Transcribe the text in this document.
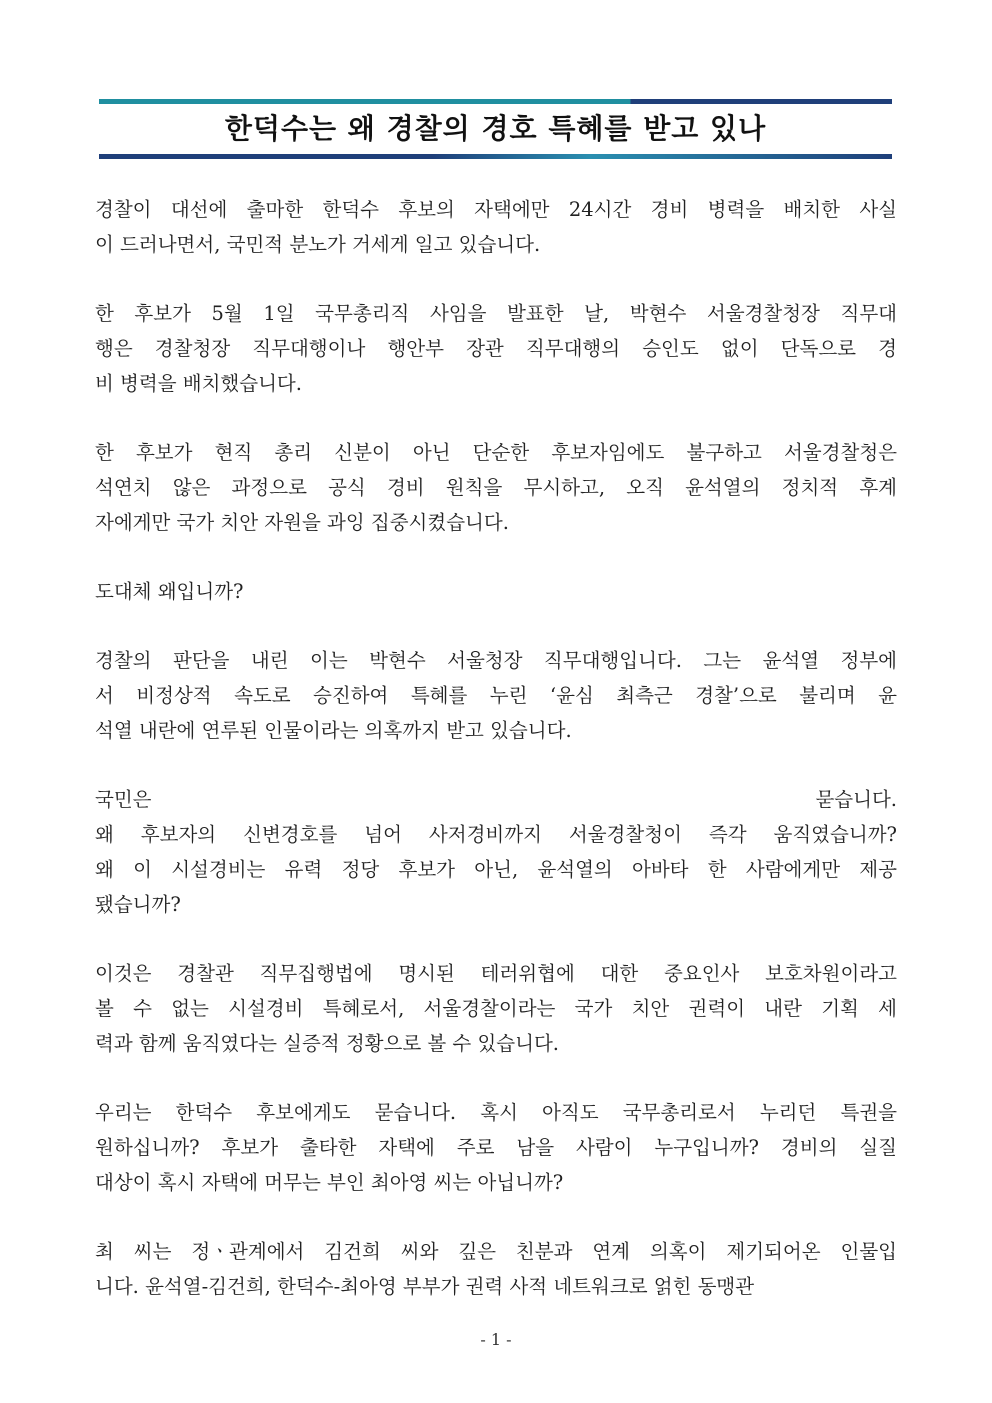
한덕수는 왜 경찰의 경호 특혜를 받고 있나

경찰이 대선에 출마한 한덕수 후보의 자택에만 24시간 경비 병력을 배치한 사실
이 드러나면서, 국민적 분노가 거세게 일고 있습니다.

한 후보가 5월 1일 국무총리직 사임을 발표한 날, 박현수 서울경찰청장 직무대
행은 경찰청장 직무대행이나 행안부 장관 직무대행의 승인도 없이 단독으로 경
비 병력을 배치했습니다.

한 후보가 현직 총리 신분이 아닌 단순한 후보자임에도 불구하고 서울경찰청은
석연치 않은 과정으로 공식 경비 원칙을 무시하고, 오직 윤석열의 정치적 후계
자에게만 국가 치안 자원을 과잉 집중시켰습니다.

도대체 왜입니까?

경찰의 판단을 내린 이는 박현수 서울청장 직무대행입니다. 그는 윤석열 정부에
서 비정상적 속도로 승진하여 특혜를 누린 ‘윤심 최측근 경찰’으로 불리며 윤
석열 내란에 연루된 인물이라는 의혹까지 받고 있습니다.

국민은 묻습니다.
왜 후보자의 신변경호를 넘어 사저경비까지 서울경찰청이 즉각 움직였습니까?
왜 이 시설경비는 유력 정당 후보가 아닌, 윤석열의 아바타 한 사람에게만 제공
됐습니까?

이것은 경찰관 직무집행법에 명시된 테러위협에 대한 중요인사 보호차원이라고
볼 수 없는 시설경비 특혜로서, 서울경찰이라는 국가 치안 권력이 내란 기획 세
력과 함께 움직였다는 실증적 정황으로 볼 수 있습니다.

우리는 한덕수 후보에게도 묻습니다. 혹시 아직도 국무총리로서 누리던 특권을
원하십니까? 후보가 출타한 자택에 주로 남을 사람이 누구입니까? 경비의 실질
대상이 혹시 자택에 머무는 부인 최아영 씨는 아닙니까?

최 씨는 정ㆍ관계에서 김건희 씨와 깊은 친분과 연계 의혹이 제기되어온 인물입
니다. 윤석열-김건희, 한덕수-최아영 부부가 권력 사적 네트워크로 얽힌 동맹관

- 1 -
